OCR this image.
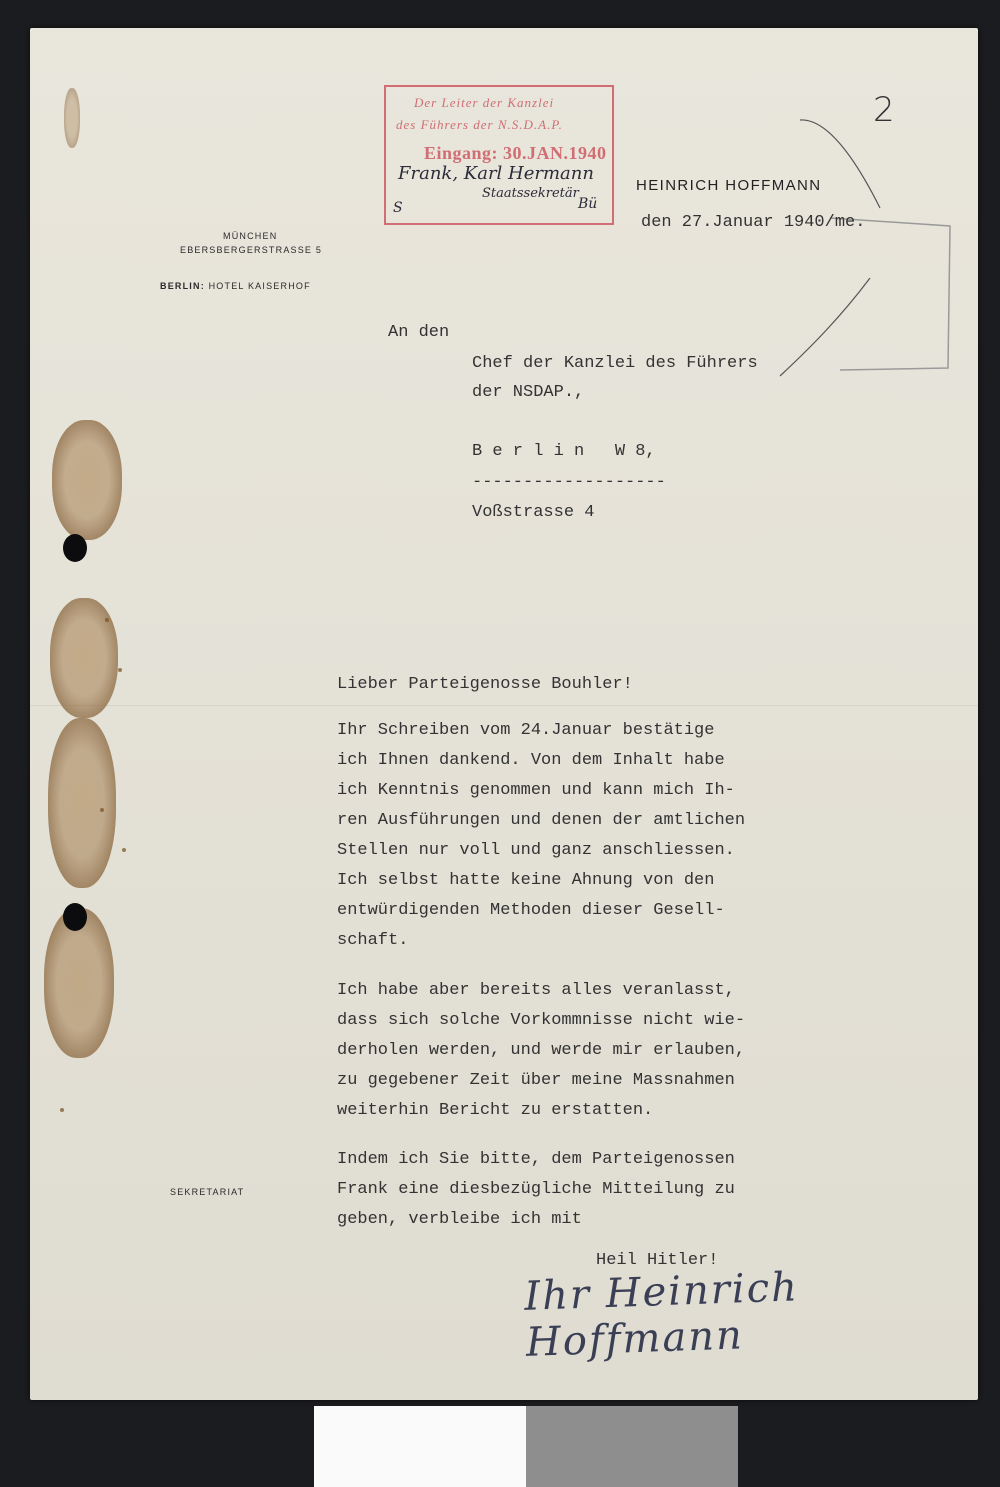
MÜNCHEN
EBERSBERGERSTRASSE 5
BERLIN: HOTEL KAISERHOF
HEINRICH HOFFMANN
SEKRETARIAT
Der Leiter der Kanzlei
des Führers der N.S.D.A.P.
Eingang: 30.JAN.1940
Frank, Karl Hermann
Staatssekretär
S	Bü
2
den 27.Januar 1940/me.
An den
Chef der Kanzlei des Führers
der NSDAP.,
B e r l i n   W 8,
-------------------
Voßstrasse 4
Lieber Parteigenosse Bouhler!
Ihr Schreiben vom 24.Januar bestätige
ich Ihnen dankend. Von dem Inhalt habe
ich Kenntnis genommen und kann mich Ih-
ren Ausführungen und denen der amtlichen
Stellen nur voll und ganz anschliessen.
Ich selbst hatte keine Ahnung von den
entwürdigenden Methoden dieser Gesell-
schaft.
Ich habe aber bereits alles veranlasst,
dass sich solche Vorkommnisse nicht wie-
derholen werden, und werde mir erlauben,
zu gegebener Zeit über meine Massnahmen
weiterhin Bericht zu erstatten.
Indem ich Sie bitte, dem Parteigenossen
Frank eine diesbezügliche Mitteilung zu
geben, verbleibe ich mit
Heil Hitler!
Ihr Heinrich Hoffmann
